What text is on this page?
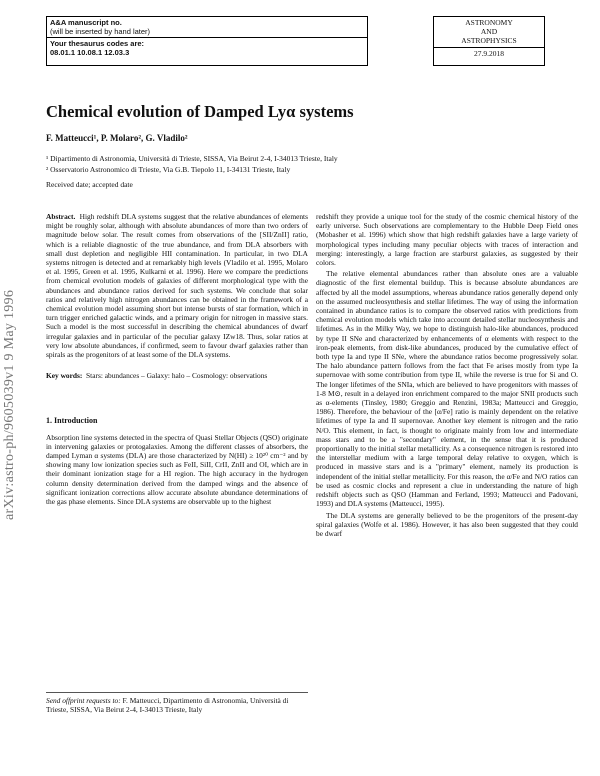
A&A manuscript no.
(will be inserted by hand later)
Your thesaurus codes are:
08.01.1 10.08.1 12.03.3
ASTRONOMY
AND
ASTROPHYSICS
27.9.2018
Chemical evolution of Damped Lyα systems
F. Matteucci¹, P. Molaro², G. Vladilo²
¹ Dipartimento di Astronomia, Università di Trieste, SISSA, Via Beirut 2-4, I-34013 Trieste, Italy
² Osservatorio Astronomico di Trieste, Via G.B. Tiepolo 11, I-34131 Trieste, Italy
Received date; accepted date
arXiv:astro-ph/9605039v1 9 May 1996

Abstract. High redshift DLA systems suggest that the relative abundances of elements might be roughly solar, although with absolute abundances of more than two orders of magnitude below solar. The result comes from observations of the [SII/ZnII] ratio, which is a reliable diagnostic of the true abundance, and from DLA absorbers with small dust depletion and negligible HII contamination. In particular, in two DLA systems nitrogen is detected and at remarkably high levels (Vladilo et al. 1995, Molaro et al. 1995, Green et al. 1995, Kulkarni et al. 1996). Here we compare the predictions from chemical evolution models of galaxies of different morphological type with the abundances and abundance ratios derived for such systems. We conclude that solar ratios and relatively high nitrogen abundances can be obtained in the framework of a chemical evolution model assuming short but intense bursts of star formation, which in turn trigger enriched galactic winds, and a primary origin for nitrogen in massive stars. Such a model is the most successful in describing the chemical abundances of dwarf irregular galaxies and in particular of the peculiar galaxy IZw18. Thus, solar ratios at very low absolute abundances, if confirmed, seem to favour dwarf galaxies rather than spirals as the progenitors of at least some of the DLA systems.

Key words: Stars: abundances – Galaxy: halo – Cosmology: observations

1. Introduction

Absorption line systems detected in the spectra of Quasi Stellar Objects (QSO) originate in intervening galaxies or protogalaxies. Among the different classes of absorbers, the damped Lyman α systems (DLA) are those characterized by N(HI) ≥ 10²⁰ cm⁻² and by showing many low ionization species such as FeII, SiII, CrII, ZnII and OI, which are in their dominant ionization stage for a HI region. The high accuracy in the hydrogen column density determination derived from the damped wings and the absence of significant ionization corrections allow accurate absolute abundance determinations of the gas phase elements. Since DLA systems are observable up to the highest

Send offprint requests to: F. Matteucci, Dipartimento di Astronomia, Università di Trieste, SISSA, Via Beirut 2-4, I-34013 Trieste, Italy

redshift they provide a unique tool for the study of the cosmic chemical history of the early universe. Such observations are complementary to the Hubble Deep Field ones (Mobasher et al. 1996) which show that high redshift galaxies have a large variety of morphological types including many peculiar objects with traces of interaction and merging: interestingly, a large fraction are starburst galaxies, as suggested by their colors.

The relative elemental abundances rather than absolute ones are a valuable diagnostic of the first elemental buildup. This is because absolute abundances are affected by all the model assumptions, whereas abundance ratios generally depend only on the assumed nucleosynthesis and stellar lifetimes. The way of using the information contained in abundance ratios is to compare the observed ratios with predictions from chemical evolution models which take into account detailed stellar nucleosynthesis and lifetimes. As in the Milky Way, we hope to distinguish halo-like abundances, produced by type II SNe and characterized by enhancements of α elements with respect to the iron-peak elements, from disk-like abundances, produced by the cumulative effect of both type Ia and type II SNe, where the abundance ratios become progressively solar. The halo abundance pattern follows from the fact that Fe arises mostly from type Ia supernovae with some contribution from type II, while the reverse is true for Si and O. The longer lifetimes of the SNIa, which are believed to have progenitors with masses of 1-8 M⊙, result in a delayed iron enrichment compared to the major SNII products such as α-elements (Tinsley, 1980; Greggio and Renzini, 1983a; Matteucci and Greggio, 1986). Therefore, the behaviour of the [α/Fe] ratio is mainly dependent on the relative lifetimes of type Ia and II supernovae. Another key element is nitrogen and the ratio N/O. This element, in fact, is thought to originate mainly from low and intermediate mass stars and to be a "secondary" element, in the sense that it is produced proportionally to the initial stellar metallicity. As a consequence nitrogen is restored into the interstellar medium with a large temporal delay relative to oxygen, which is produced in massive stars and is a "primary" element, namely its production is independent of the initial stellar metallicity. For this reason, the α/Fe and N/O ratios can be used as cosmic clocks and represent a clue in understanding the nature of high redshift objects such as QSO (Hamman and Ferland, 1993; Matteucci and Padovani, 1993) and DLA systems (Matteucci, 1995).

The DLA systems are generally believed to be the progenitors of the present-day spiral galaxies (Wolfe et al. 1986). However, it has also been suggested that they could be dwarf
